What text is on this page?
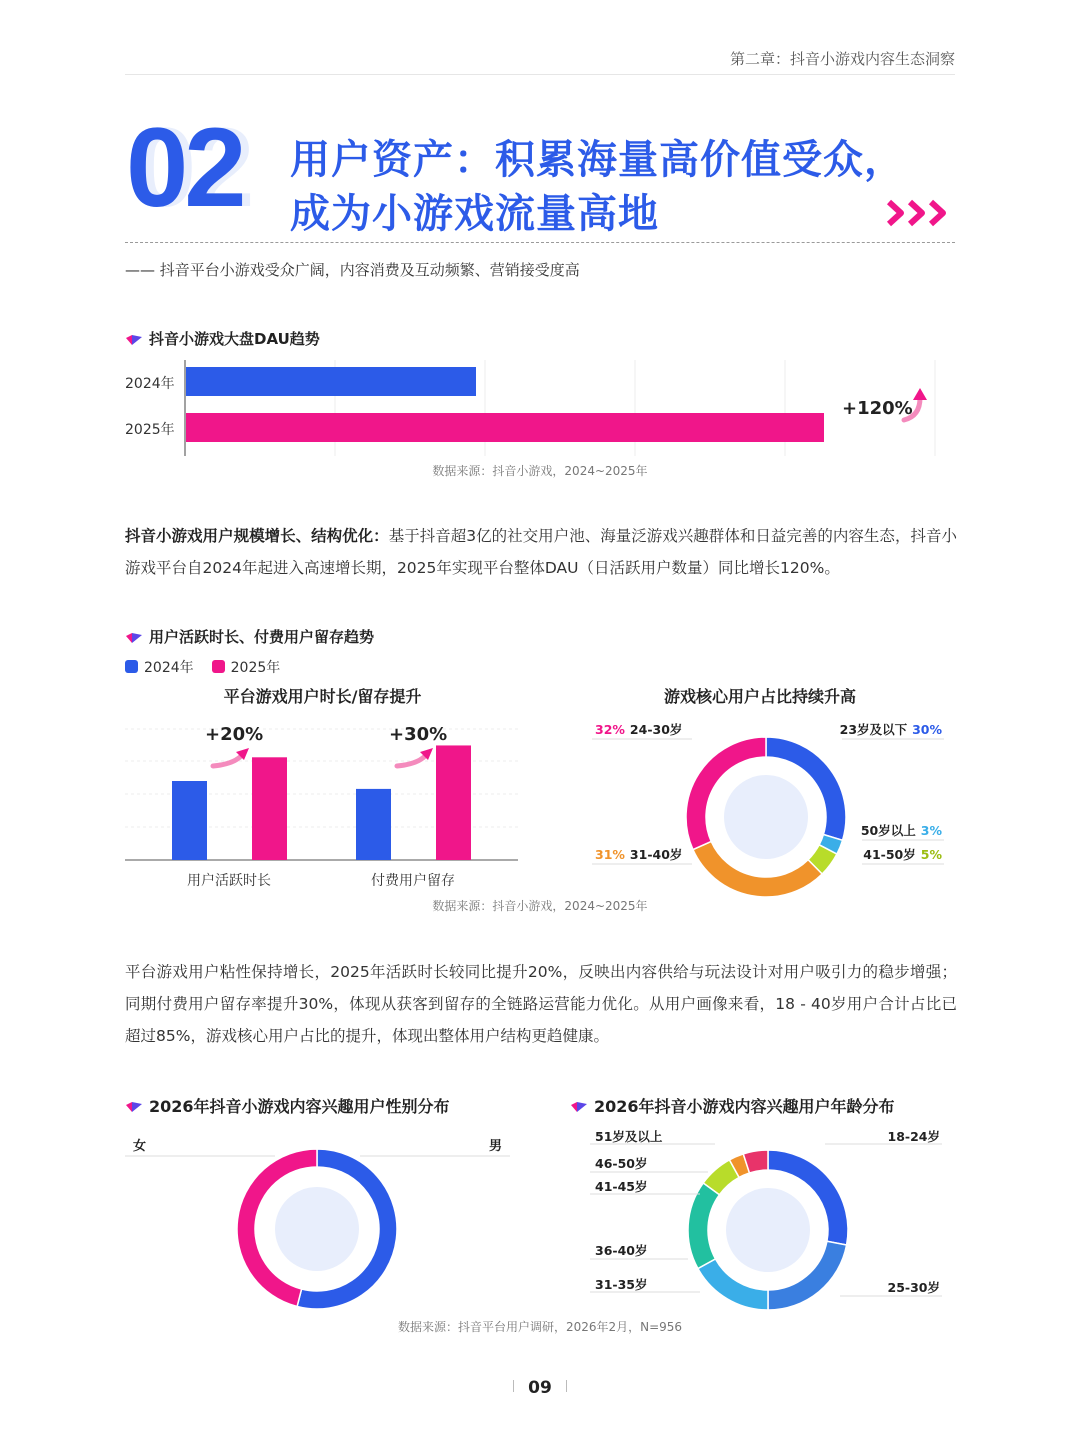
第二章：抖音小游戏内容生态洞察
02 用户资产：积累海量高价值受众，
成为小游戏流量高地
—— 抖音平台小游戏受众广阔，内容消费及互动频繁、营销接受度高
抖音小游戏大盘DAU趋势
2024年
2025年
+120%
数据来源：抖音小游戏，2024~2025年
抖音小游戏用户规模增长、结构优化：基于抖音超3亿的社交用户池、海量泛游戏兴趣群体和日益完善的内容生态，抖音小游戏平台自2024年起进入高速增长期，2025年实现平台整体DAU（日活跃用户数量）同比增长120%。
用户活跃时长、付费用户留存趋势
2024年	2025年
平台游戏用户时长/留存提升
+20%	+30%
用户活跃时长	付费用户留存
游戏核心用户占比持续升高
32% 24-30岁	23岁及以下 30%
50岁以上 3%
41-50岁 5%
31% 31-40岁
数据来源：抖音小游戏，2024~2025年
平台游戏用户粘性保持增长，2025年活跃时长较同比提升20%，反映出内容供给与玩法设计对用户吸引力的稳步增强；同期付费用户留存率提升30%，体现从获客到留存的全链路运营能力优化。从用户画像来看，18 - 40岁用户合计占比已超过85%，游戏核心用户占比的提升，体现出整体用户结构更趋健康。
2026年抖音小游戏内容兴趣用户性别分布	2026年抖音小游戏内容兴趣用户年龄分布
女	男
51岁及以上	18-24岁
46-50岁
41-45岁
36-40岁
31-35岁	25-30岁
数据来源：抖音平台用户调研，2026年2月，N=956
09
